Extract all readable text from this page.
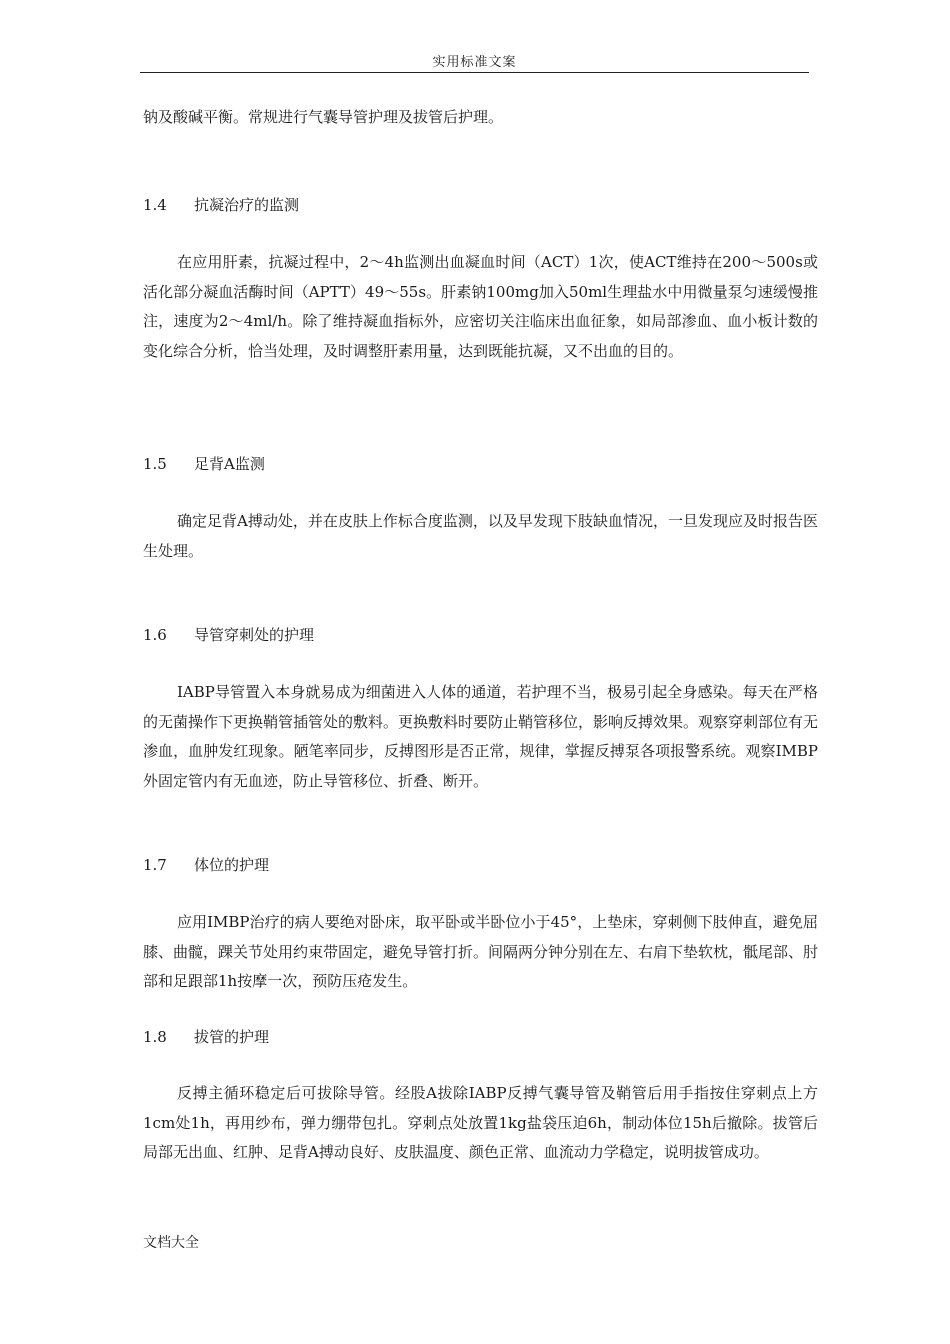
实用标准文案

钠及酸碱平衡。常规进行气囊导管护理及拔管后护理。

1.4 抗凝治疗的监测

在应用肝素，抗凝过程中，2～4h监测出血凝血时间（ACT）1次，使ACT维持在200～500s或活化部分凝血活酶时间（APTT）49～55s。肝素钠100mg加入50ml生理盐水中用微量泵匀速缓慢推注，速度为2～4ml/h。除了维持凝血指标外，应密切关注临床出血征象，如局部渗血、血小板计数的变化综合分析，恰当处理，及时调整肝素用量，达到既能抗凝，又不出血的目的。

1.5 足背A监测

确定足背A搏动处，并在皮肤上作标合度监测，以及早发现下肢缺血情况，一旦发现应及时报告医生处理。

1.6 导管穿刺处的护理

IABP导管置入本身就易成为细菌进入人体的通道，若护理不当，极易引起全身感染。每天在严格的无菌操作下更换鞘管插管处的敷料。更换敷料时要防止鞘管移位，影响反搏效果。观察穿刺部位有无渗血，血肿发红现象。陋笔率同步，反搏图形是否正常，规律，掌握反搏泵各项报警系统。观察IMBP外固定管内有无血迹，防止导管移位、折叠、断开。

1.7 体位的护理

应用IMBP治疗的病人要绝对卧床，取平卧或半卧位小于45°，上垫床，穿刺侧下肢伸直，避免屈膝、曲髋，踝关节处用约束带固定，避免导管打折。间隔两分钟分别在左、右肩下垫软枕，骶尾部、肘部和足跟部1h按摩一次，预防压疮发生。

1.8 拔管的护理

反搏主循环稳定后可拔除导管。经股A拔除IABP反搏气囊导管及鞘管后用手指按住穿刺点上方1cm处1h，再用纱布，弹力绷带包扎。穿刺点处放置1kg盐袋压迫6h，制动体位15h后撤除。拔管后局部无出血、红肿、足背A搏动良好、皮肤温度、颜色正常、血流动力学稳定，说明拔管成功。

文档大全
